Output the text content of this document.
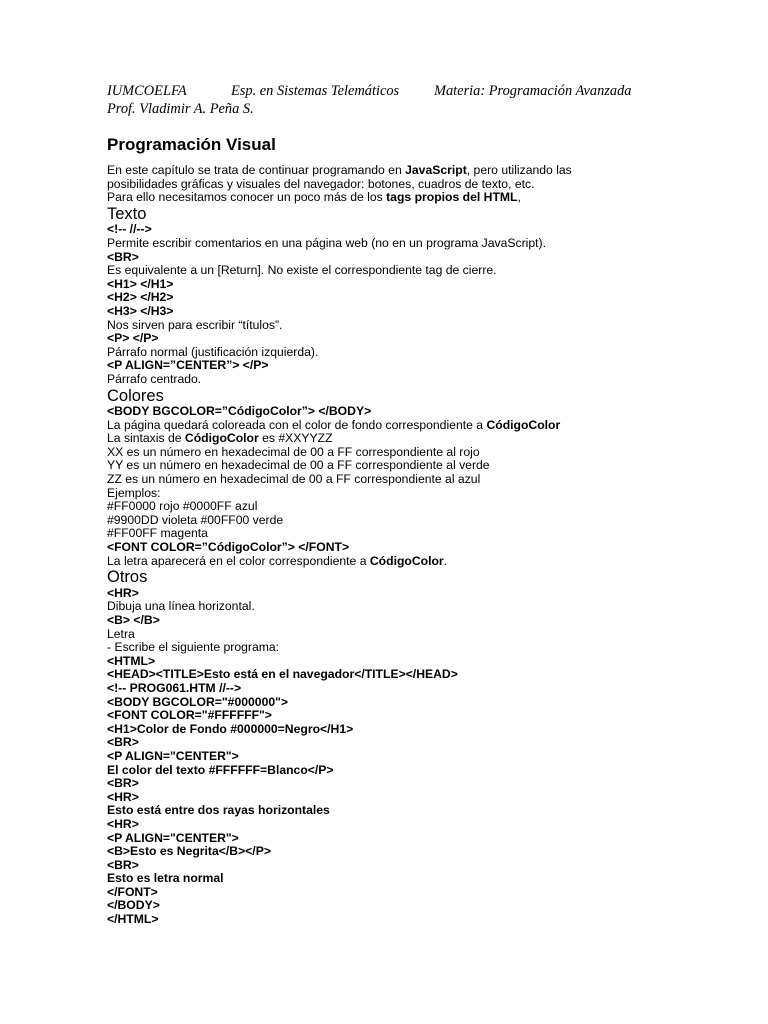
IUMCOELFA	Esp. en Sistemas Telemáticos Materia: Programación Avanzada
Prof. Vladimir A. Peña S.
Programación Visual
En este capítulo se trata de continuar programando en JavaScript, pero utilizando las
posibilidades gráficas y visuales del navegador: botones, cuadros de texto, etc.
Para ello necesitamos conocer un poco más de los tags propios del HTML,
Texto
<!-- //-->
Permite escribir comentarios en una página web (no en un programa JavaScript).
<BR>
Es equivalente a un [Return]. No existe el correspondiente tag de cierre.
<H1> </H1>
<H2> </H2>
<H3> </H3>
Nos sirven para escribir “títulos”.
<P> </P>
Párrafo normal (justificación izquierda).
<P ALIGN=”CENTER”> </P>
Párrafo centrado.
Colores
<BODY BGCOLOR=”CódigoColor”> </BODY>
La página quedará coloreada con el color de fondo correspondiente a CódigoColor
La sintaxis de CódigoColor es #XXYYZZ
XX es un número en hexadecimal de 00 a FF correspondiente al rojo
YY es un número en hexadecimal de 00 a FF correspondiente al verde
ZZ es un número en hexadecimal de 00 a FF correspondiente al azul
Ejemplos:
#FF0000 rojo #0000FF azul
#9900DD violeta #00FF00 verde
#FF00FF magenta
<FONT COLOR=”CódigoColor”> </FONT>
La letra aparecerá en el color correspondiente a CódigoColor.
Otros
<HR>
Dibuja una línea horizontal.
<B> </B>
Letra
- Escribe el siguiente programa:
<HTML>
<HEAD><TITLE>Esto está en el navegador</TITLE></HEAD>
<!-- PROG061.HTM //-->
<BODY BGCOLOR="#000000">
<FONT COLOR="#FFFFFF">
<H1>Color de Fondo #000000=Negro</H1>
<BR>
<P ALIGN="CENTER">
El color del texto #FFFFFF=Blanco</P>
<BR>
<HR>
Esto está entre dos rayas horizontales
<HR>
<P ALIGN="CENTER">
<B>Esto es Negrita</B></P>
<BR>
Esto es letra normal
</FONT>
</BODY>
</HTML>
